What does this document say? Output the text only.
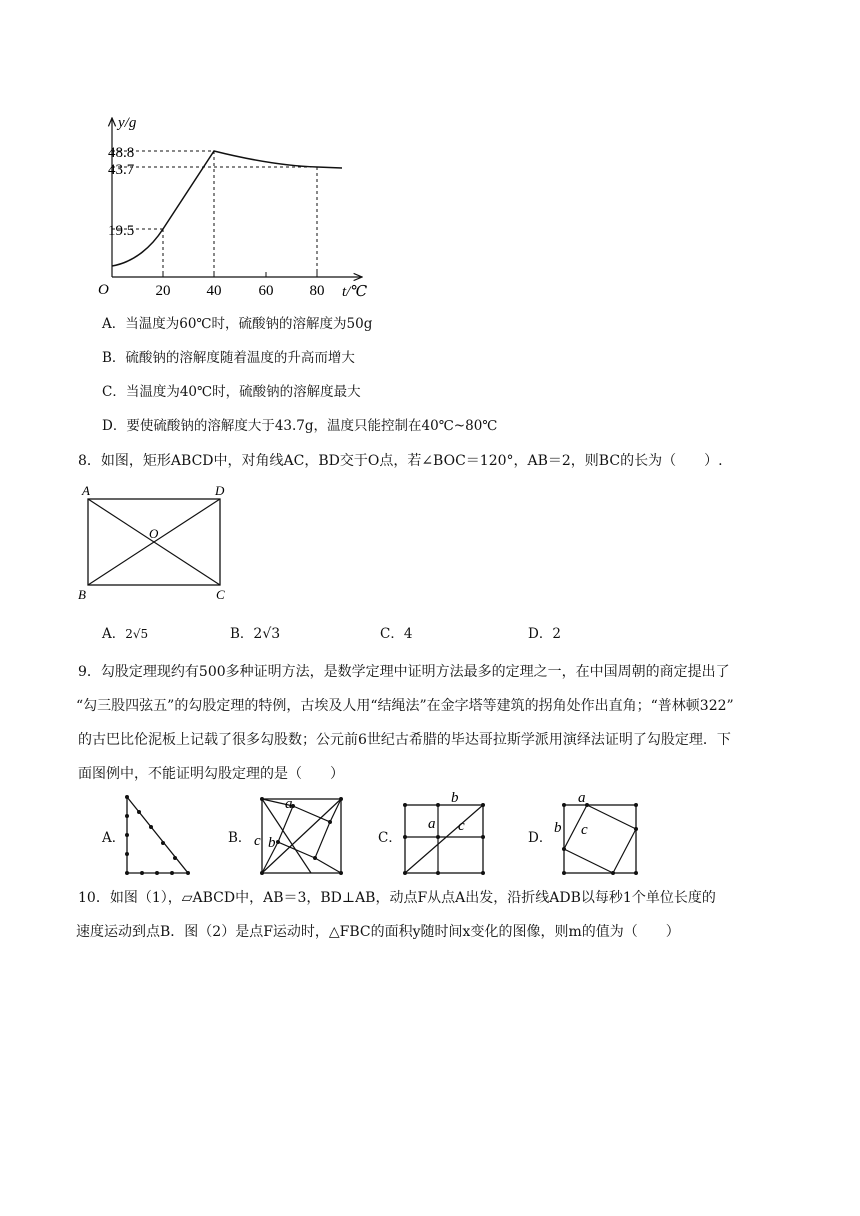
y/g
48.8
43.7
19.5
O	20 40 60 80 t/℃
A．当温度为60℃时，硫酸钠的溶解度为50g
B．硫酸钠的溶解度随着温度的升高而增大
C．当温度为40℃时，硫酸钠的溶解度最大
D．要使硫酸钠的溶解度大于43.7g，温度只能控制在40℃~80℃
8．如图，矩形ABCD中，对角线AC，BD交于O点，若∠BOC＝120°，AB＝2，则BC的长为（　　）.
A	D
B	C
O
A．2√5	B．2√3	C．4	D．2
9．勾股定理现约有500多种证明方法，是数学定理中证明方法最多的定理之一，在中国周朝的商定提出了
“勾三股四弦五”的勾股定理的特例，古埃及人用“结绳法”在金字塔等建筑的拐角处作出直角；“普林顿322”
的古巴比伦泥板上记载了很多勾股数；公元前6世纪古希腊的毕达哥拉斯学派用演绎法证明了勾股定理．下
面图例中，不能证明勾股定理的是（　　）
A．	B．	C．	D．
a
b
c
b
a c
a
b c
10．如图（1），▱ABCD中，AB＝3，BD⊥AB，动点F从点A出发，沿折线ADB以每秒1个单位长度的
速度运动到点B．图（2）是点F运动时，△FBC的面积y随时间x变化的图像，则m的值为（　　）
